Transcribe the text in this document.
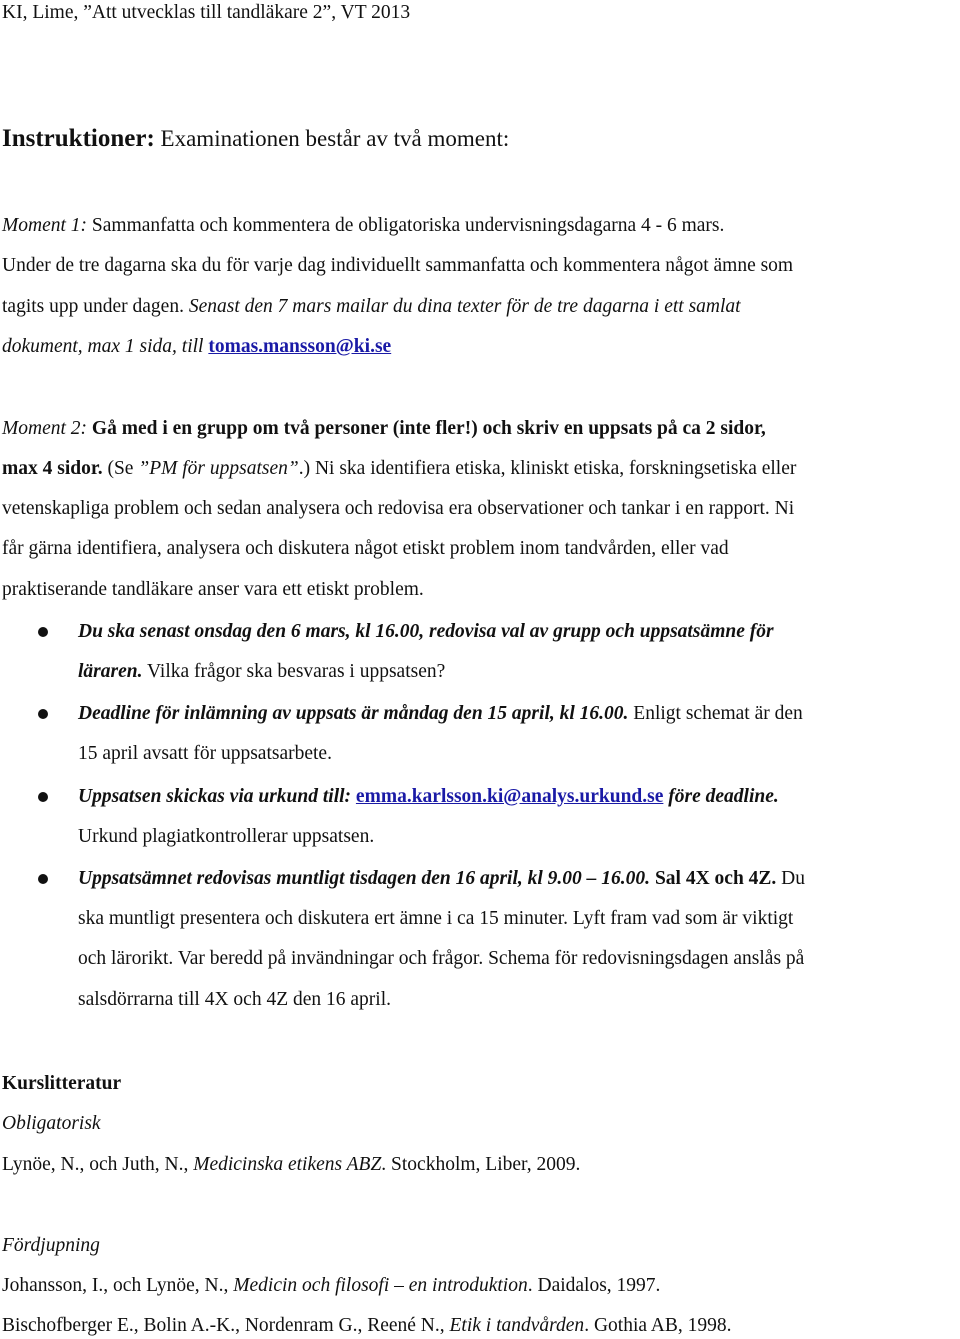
KI, Lime, ”Att utvecklas till tandläkare 2”, VT 2013
Instruktioner: Examinationen består av två moment:
Moment 1: Sammanfatta och kommentera de obligatoriska undervisningsdagarna 4 - 6 mars.
Under de tre dagarna ska du för varje dag individuellt sammanfatta och kommentera något ämne som
tagits upp under dagen. Senast den 7 mars mailar du dina texter för de tre dagarna i ett samlat
dokument, max 1 sida, till tomas.mansson@ki.se
Moment 2: Gå med i en grupp om två personer (inte fler!) och skriv en uppsats på ca 2 sidor,
max 4 sidor. (Se ”PM för uppsatsen”.) Ni ska identifiera etiska, kliniskt etiska, forskningsetiska eller
vetenskapliga problem och sedan analysera och redovisa era observationer och tankar i en rapport. Ni
får gärna identifiera, analysera och diskutera något etiskt problem inom tandvården, eller vad
praktiserande tandläkare anser vara ett etiskt problem.
Du ska senast onsdag den 6 mars, kl 16.00, redovisa val av grupp och uppsatsämne för
läraren. Vilka frågor ska besvaras i uppsatsen?
Deadline för inlämning av uppsats är måndag den 15 april, kl 16.00. Enligt schemat är den
15 april avsatt för uppsatsarbete.
Uppsatsen skickas via urkund till: emma.karlsson.ki@analys.urkund.se före deadline.
Urkund plagiatkontrollerar uppsatsen.
Uppsatsämnet redovisas muntligt tisdagen den 16 april, kl 9.00 – 16.00. Sal 4X och 4Z. Du
ska muntligt presentera och diskutera ert ämne i ca 15 minuter. Lyft fram vad som är viktigt
och lärorikt. Var beredd på invändningar och frågor. Schema för redovisningsdagen anslås på
salsdörrarna till 4X och 4Z den 16 april.
Kurslitteratur
Obligatorisk
Lynöe, N., och Juth, N., Medicinska etikens ABZ. Stockholm, Liber, 2009.
Fördjupning
Johansson, I., och Lynöe, N., Medicin och filosofi – en introduktion. Daidalos, 1997.
Bischofberger E., Bolin A.-K., Nordenram G., Reené N., Etik i tandvården. Gothia AB, 1998.
